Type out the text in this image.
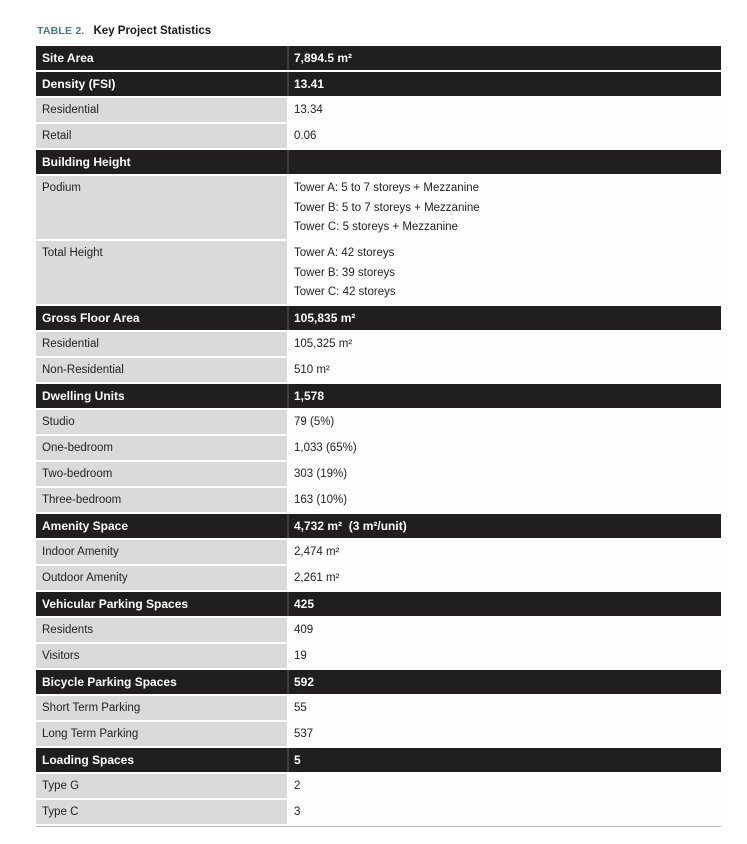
TABLE 2. Key Project Statistics
Site Area	7,894.5 m²
Density (FSI)	13.41
Residential	13.34
Retail	0.06
Building Height
Podium	Tower A: 5 to 7 storeys + Mezzanine
Tower B: 5 to 7 storeys + Mezzanine
Tower C: 5 storeys + Mezzanine
Total Height	Tower A: 42 storeys
Tower B: 39 storeys
Tower C: 42 storeys
Gross Floor Area	105,835 m²
Residential	105,325 m²
Non-Residential	510 m²
Dwelling Units	1,578
Studio	79 (5%)
One-bedroom	1,033 (65%)
Two-bedroom	303 (19%)
Three-bedroom	163 (10%)
Amenity Space	4,732 m²  (3 m²/unit)
Indoor Amenity	2,474 m²
Outdoor Amenity	2,261 m²
Vehicular Parking Spaces	425
Residents	409
Visitors	19
Bicycle Parking Spaces	592
Short Term Parking	55
Long Term Parking	537
Loading Spaces	5
Type G	2
Type C	3
